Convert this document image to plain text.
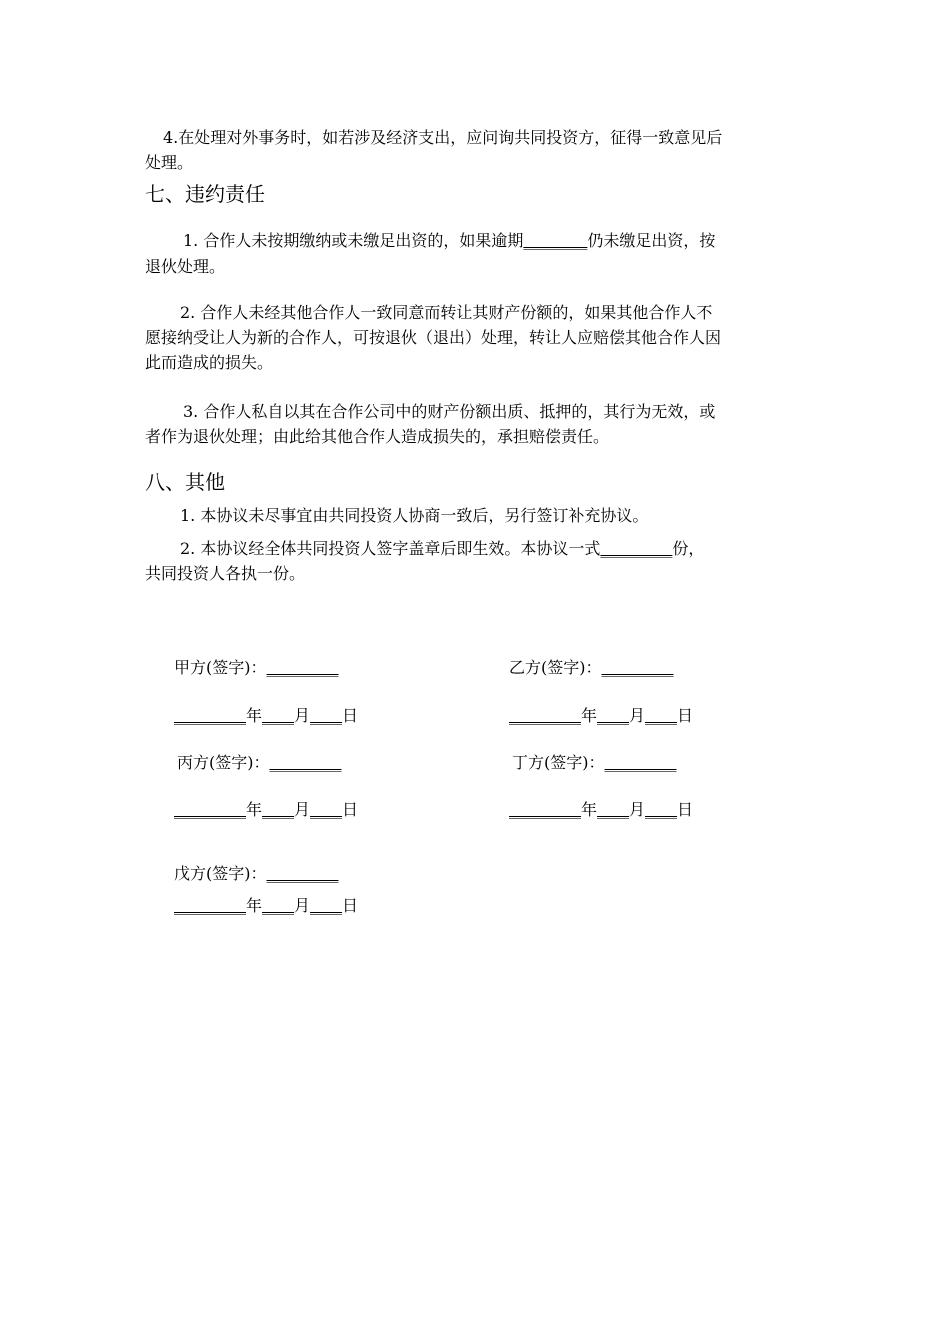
4.在处理对外事务时，如若涉及经济支出，应问询共同投资方，征得一致意见后
处理。
七、违约责任
1. 合作人未按期缴纳或未缴足出资的，如果逾期________仍未缴足出资，按
退伙处理。
2. 合作人未经其他合作人一致同意而转让其财产份额的，如果其他合作人不
愿接纳受让人为新的合作人，可按退伙（退出）处理，转让人应赔偿其他合作人因
此而造成的损失。
3. 合作人私自以其在合作公司中的财产份额出质、抵押的，其行为无效，或
者作为退伙处理；由此给其他合作人造成损失的，承担赔偿责任。
八、其他
1. 本协议未尽事宜由共同投资人协商一致后，另行签订补充协议。
2. 本协议经全体共同投资人签字盖章后即生效。本协议一式_________份，
共同投资人各执一份。
甲方(签字)：_________	乙方(签字)：_________
_________年____月____日	_________年____月____日
丙方(签字)：_________	丁方(签字)：_________
_________年____月____日	_________年____月____日
戊方(签字)：_________
_________年____月____日
